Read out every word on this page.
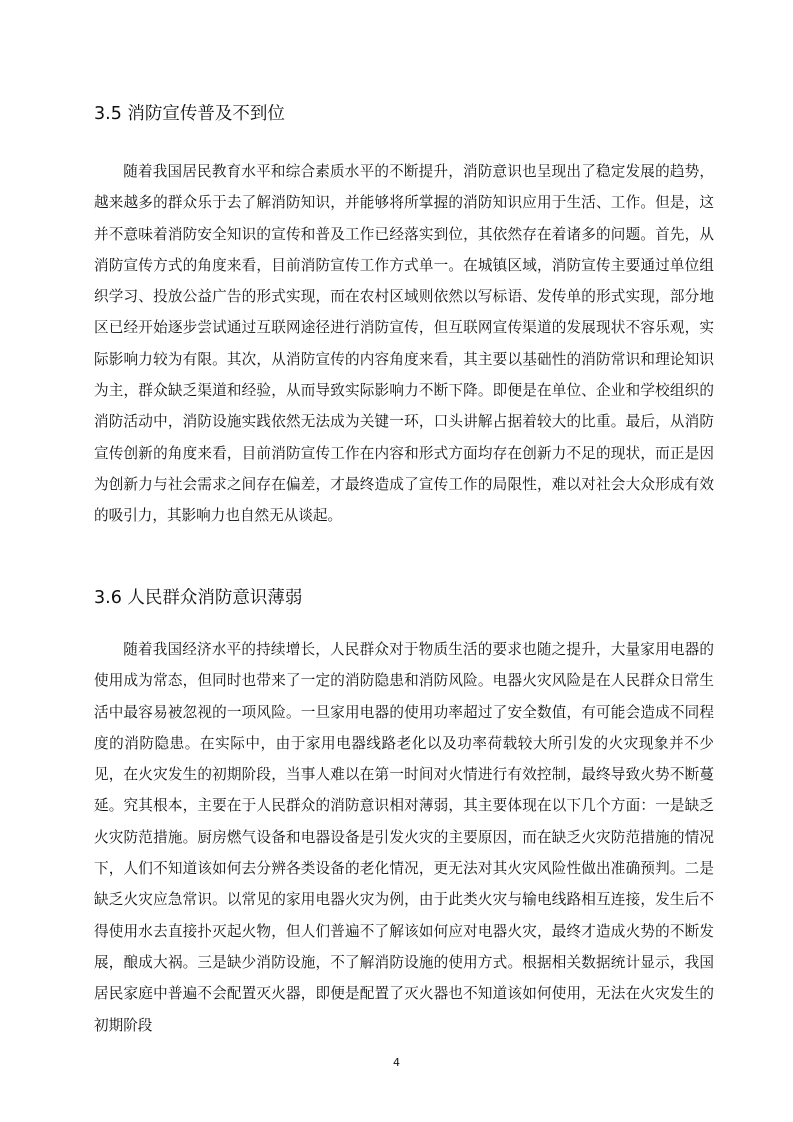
3.5 消防宣传普及不到位

随着我国居民教育水平和综合素质水平的不断提升，消防意识也呈现出了稳定发展的趋势，越来越多的群众乐于去了解消防知识，并能够将所掌握的消防知识应用于生活、工作。但是，这并不意味着消防安全知识的宣传和普及工作已经落实到位，其依然存在着诸多的问题。首先，从消防宣传方式的角度来看，目前消防宣传工作方式单一。在城镇区域，消防宣传主要通过单位组织学习、投放公益广告的形式实现，而在农村区域则依然以写标语、发传单的形式实现，部分地区已经开始逐步尝试通过互联网途径进行消防宣传，但互联网宣传渠道的发展现状不容乐观，实际影响力较为有限。其次，从消防宣传的内容角度来看，其主要以基础性的消防常识和理论知识为主，群众缺乏渠道和经验，从而导致实际影响力不断下降。即便是在单位、企业和学校组织的消防活动中，消防设施实践依然无法成为关键一环，口头讲解占据着较大的比重。最后，从消防宣传创新的角度来看，目前消防宣传工作在内容和形式方面均存在创新力不足的现状，而正是因为创新力与社会需求之间存在偏差，才最终造成了宣传工作的局限性，难以对社会大众形成有效的吸引力，其影响力也自然无从谈起。

3.6 人民群众消防意识薄弱

随着我国经济水平的持续增长，人民群众对于物质生活的要求也随之提升，大量家用电器的使用成为常态，但同时也带来了一定的消防隐患和消防风险。电器火灾风险是在人民群众日常生活中最容易被忽视的一项风险。一旦家用电器的使用功率超过了安全数值，有可能会造成不同程度的消防隐患。在实际中，由于家用电器线路老化以及功率荷载较大所引发的火灾现象并不少见，在火灾发生的初期阶段，当事人难以在第一时间对火情进行有效控制，最终导致火势不断蔓延。究其根本，主要在于人民群众的消防意识相对薄弱，其主要体现在以下几个方面：一是缺乏火灾防范措施。厨房燃气设备和电器设备是引发火灾的主要原因，而在缺乏火灾防范措施的情况下，人们不知道该如何去分辨各类设备的老化情况，更无法对其火灾风险性做出准确预判。二是缺乏火灾应急常识。以常见的家用电器火灾为例，由于此类火灾与输电线路相互连接，发生后不得使用水去直接扑灭起火物，但人们普遍不了解该如何应对电器火灾，最终才造成火势的不断发展，酿成大祸。三是缺少消防设施，不了解消防设施的使用方式。根据相关数据统计显示，我国居民家庭中普遍不会配置灭火器，即便是配置了灭火器也不知道该如何使用，无法在火灾发生的初期阶段

4
